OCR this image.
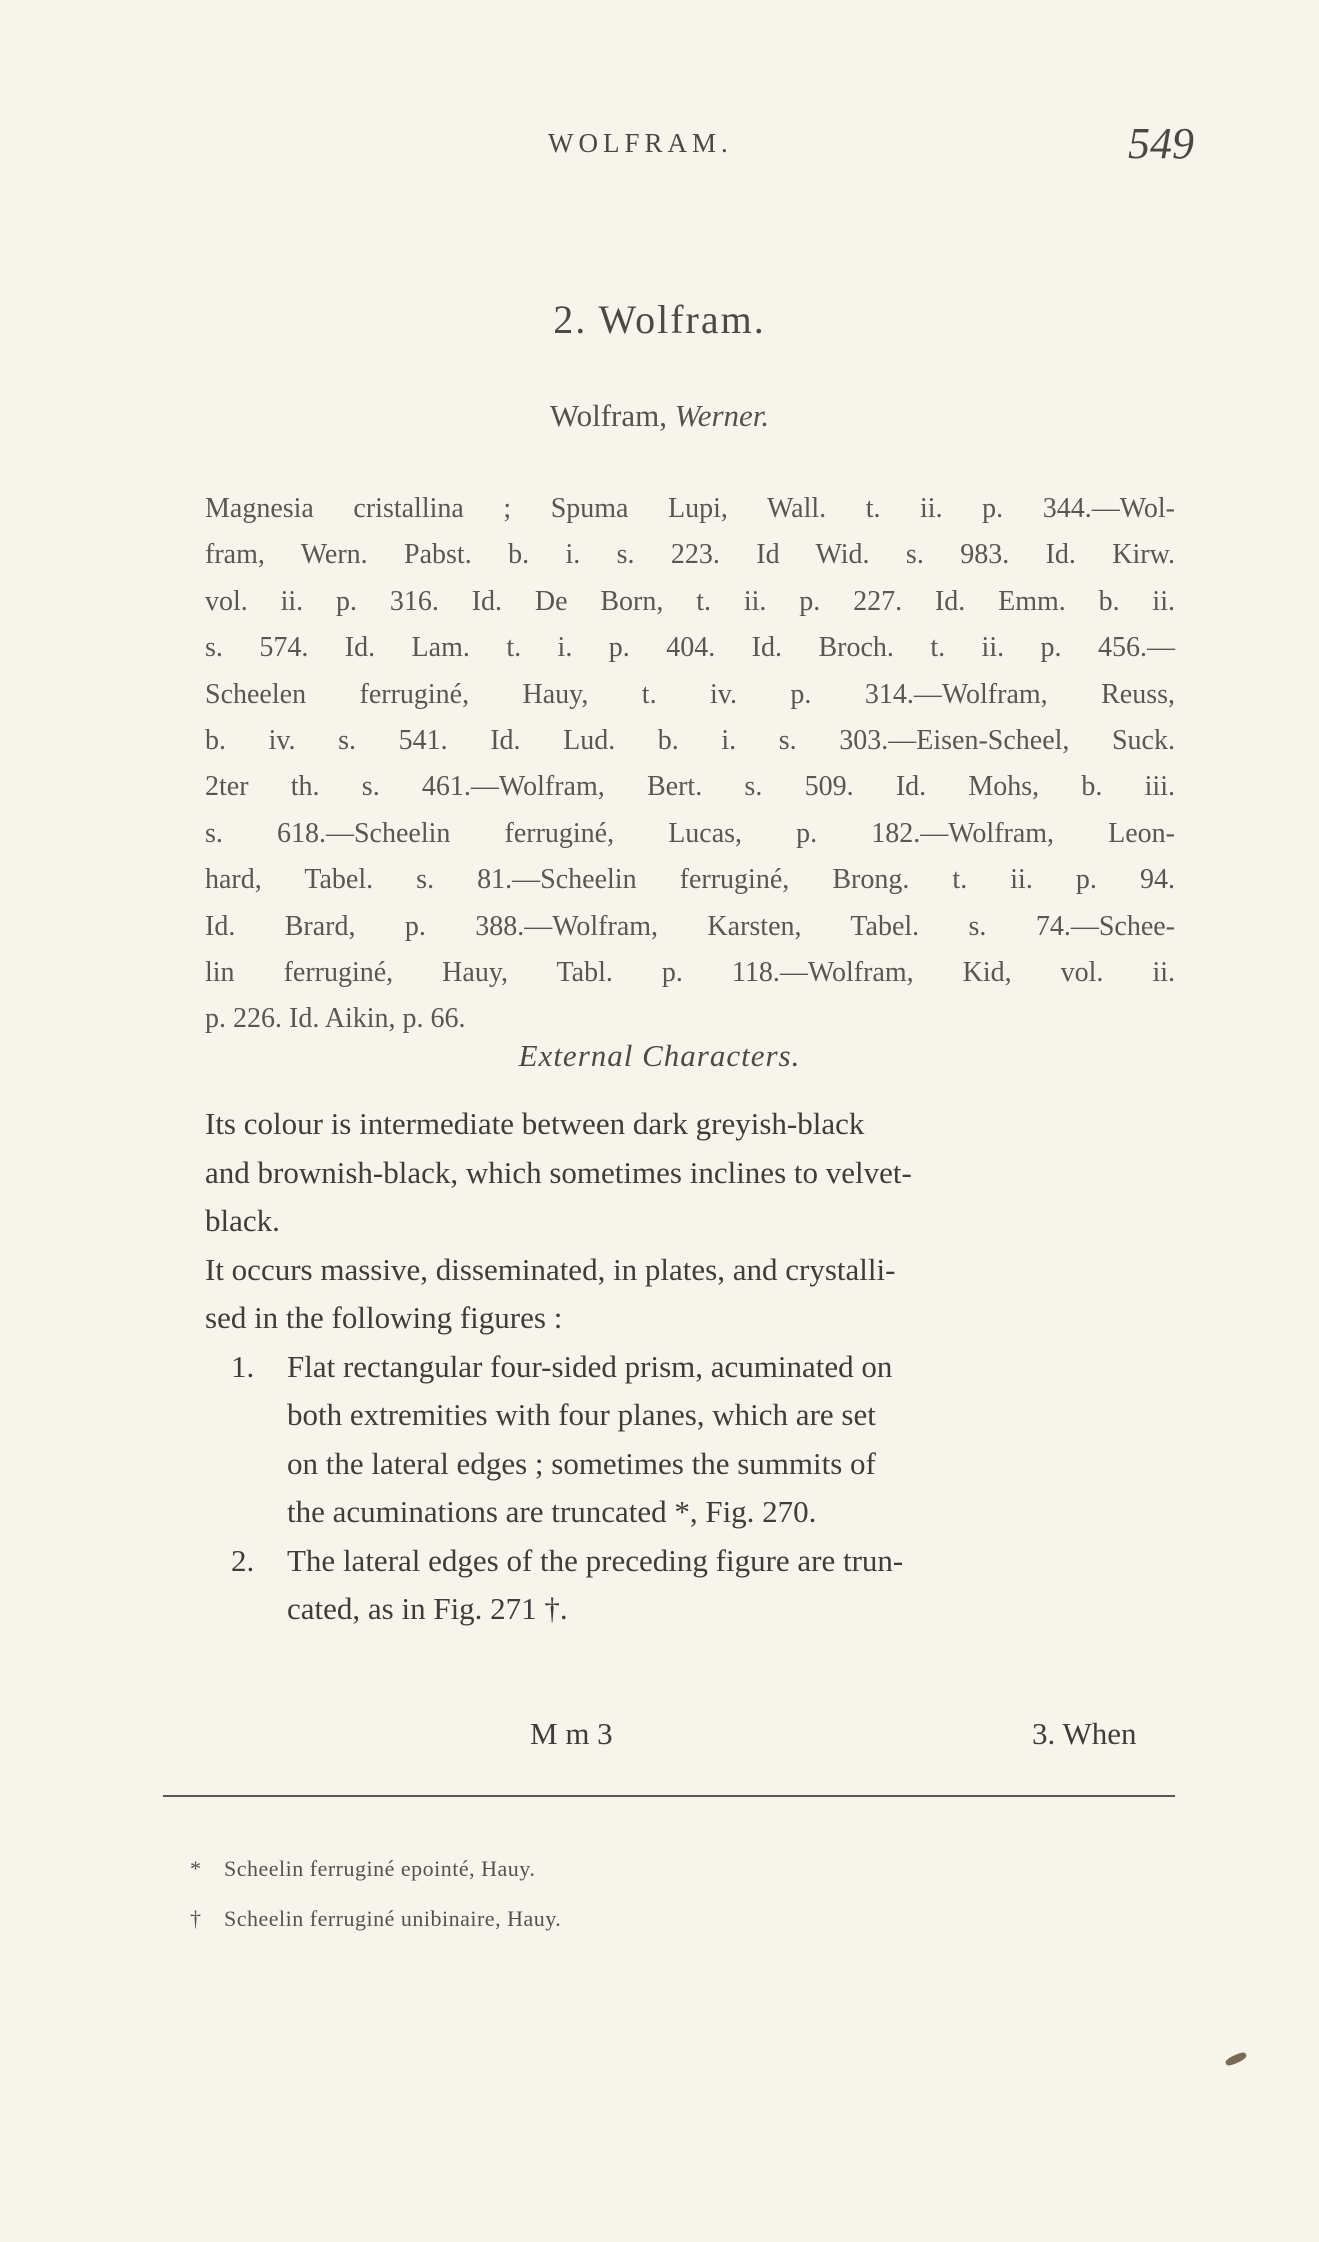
WOLFRAM.	549
2. Wolfram.
Wolfram, Werner.
Magnesia cristallina ; Spuma Lupi, Wall. t. ii. p. 344.—Wol-
fram, Wern. Pabst. b. i. s. 223. Id Wid. s. 983. Id. Kirw.
vol. ii. p. 316. Id. De Born, t. ii. p. 227. Id. Emm. b. ii.
s. 574. Id. Lam. t. i. p. 404. Id. Broch. t. ii. p. 456.—
Scheelen ferruginé, Hauy, t. iv. p. 314.—Wolfram, Reuss,
b. iv. s. 541. Id. Lud. b. i. s. 303.—Eisen-Scheel, Suck.
2ter th. s. 461.—Wolfram, Bert. s. 509. Id. Mohs, b. iii.
s. 618.—Scheelin ferruginé, Lucas, p. 182.—Wolfram, Leon-
hard, Tabel. s. 81.—Scheelin ferruginé, Brong. t. ii. p. 94.
Id. Brard, p. 388.—Wolfram, Karsten, Tabel. s. 74.—Schee-
lin ferruginé, Hauy, Tabl. p. 118.—Wolfram, Kid, vol. ii.
p. 226. Id. Aikin, p. 66.
External Characters.
Its colour is intermediate between dark greyish-black
and brownish-black, which sometimes inclines to velvet-
black.
It occurs massive, disseminated, in plates, and crystalli-
sed in the following figures :
1. Flat rectangular four-sided prism, acuminated on
both extremities with four planes, which are set
on the lateral edges ; sometimes the summits of
the acuminations are truncated *, Fig. 270.
2. The lateral edges of the preceding figure are trun-
cated, as in Fig. 271 †.
M m 3	3. When
* Scheelin ferruginé epointé, Hauy.
† Scheelin ferruginé unibinaire, Hauy.
